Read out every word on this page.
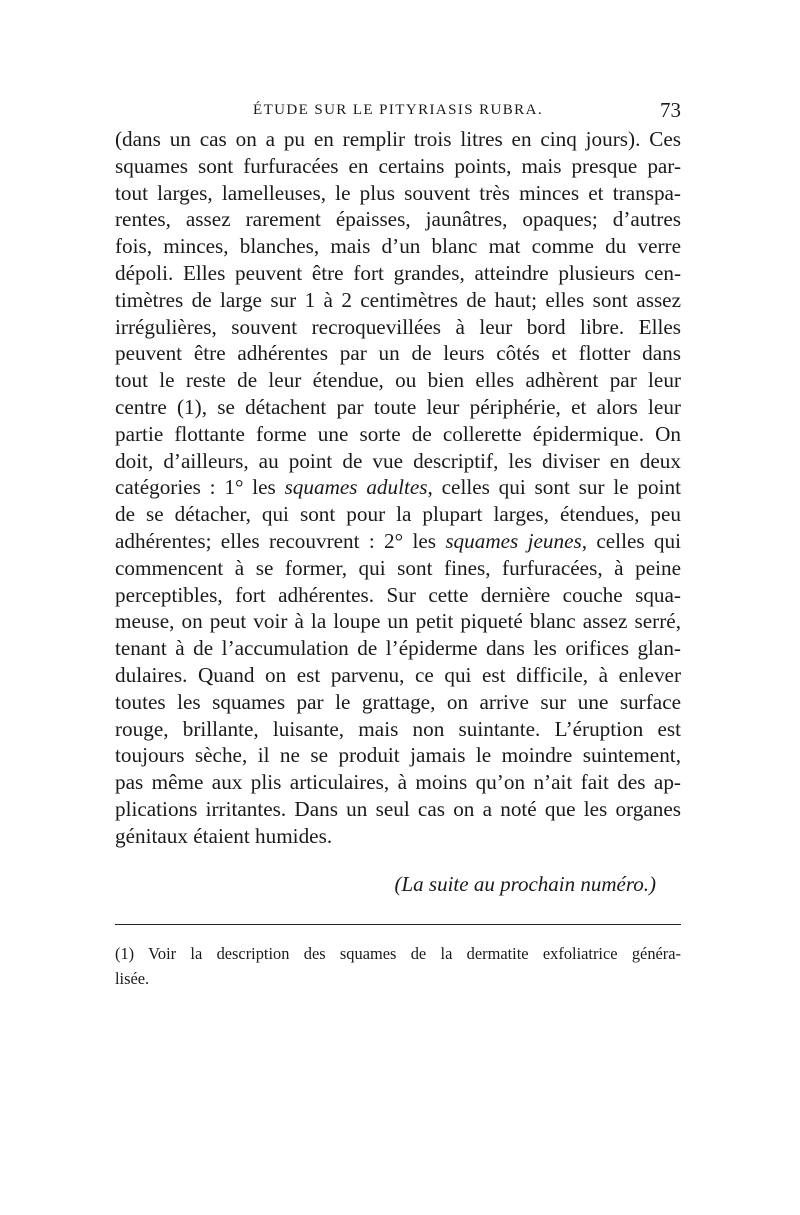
ÉTUDE SUR LE PITYRIASIS RUBRA.	73
(dans un cas on a pu en remplir trois litres en cinq jours). Ces
squames sont furfuracées en certains points, mais presque par-
tout larges, lamelleuses, le plus souvent très minces et transpa-
rentes, assez rarement épaisses, jaunâtres, opaques; d’autres
fois, minces, blanches, mais d’un blanc mat comme du verre
dépoli. Elles peuvent être fort grandes, atteindre plusieurs cen-
timètres de large sur 1 à 2 centimètres de haut; elles sont assez
irrégulières, souvent recroquevillées à leur bord libre. Elles
peuvent être adhérentes par un de leurs côtés et flotter dans
tout le reste de leur étendue, ou bien elles adhèrent par leur
centre (1), se détachent par toute leur périphérie, et alors leur
partie flottante forme une sorte de collerette épidermique. On
doit, d’ailleurs, au point de vue descriptif, les diviser en deux
catégories : 1° les squames adultes, celles qui sont sur le point
de se détacher, qui sont pour la plupart larges, étendues, peu
adhérentes; elles recouvrent : 2° les squames jeunes, celles qui
commencent à se former, qui sont fines, furfuracées, à peine
perceptibles, fort adhérentes. Sur cette dernière couche squa-
meuse, on peut voir à la loupe un petit piqueté blanc assez serré,
tenant à de l’accumulation de l’épiderme dans les orifices glan-
dulaires. Quand on est parvenu, ce qui est difficile, à enlever
toutes les squames par le grattage, on arrive sur une surface
rouge, brillante, luisante, mais non suintante. L’éruption est
toujours sèche, il ne se produit jamais le moindre suintement,
pas même aux plis articulaires, à moins qu’on n’ait fait des ap-
plications irritantes. Dans un seul cas on a noté que les organes
génitaux étaient humides.
(La suite au prochain numéro.)
(1) Voir la description des squames de la dermatite exfoliatrice généra-
lisée.
